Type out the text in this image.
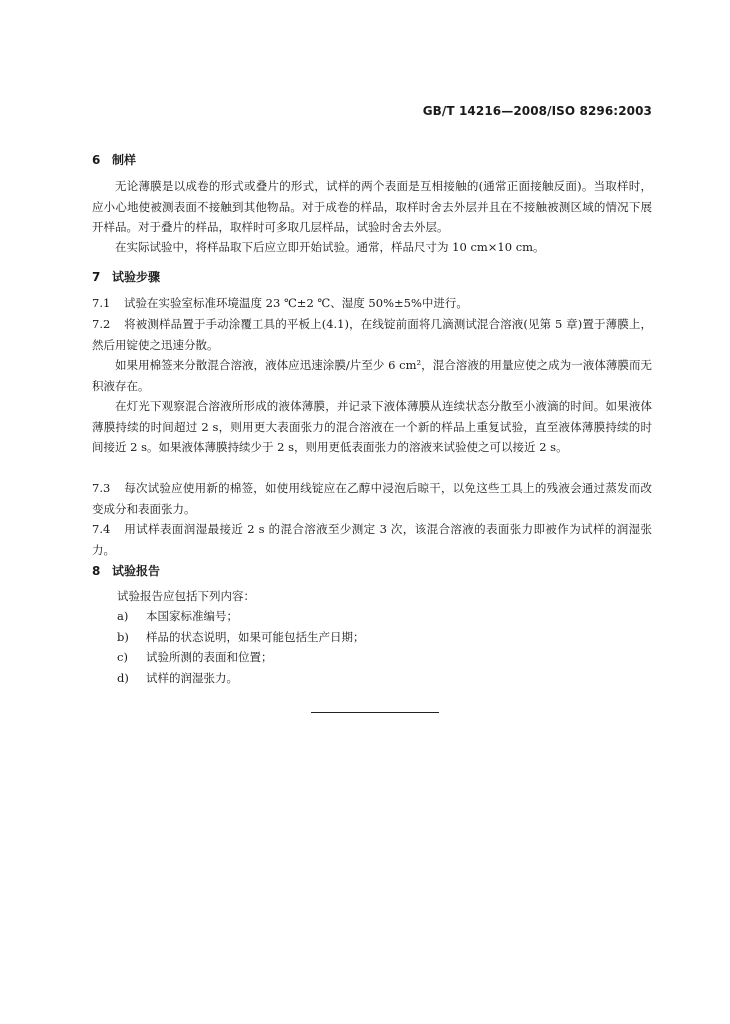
GB/T 14216—2008/ISO 8296:2003
6 制样
无论薄膜是以成卷的形式或叠片的形式，试样的两个表面是互相接触的(通常正面接触反面)。当取样时，应小心地使被测表面不接触到其他物品。对于成卷的样品，取样时舍去外层并且在不接触被测区域的情况下展开样品。对于叠片的样品，取样时可多取几层样品，试验时舍去外层。
在实际试验中，将样品取下后应立即开始试验。通常，样品尺寸为 10 cm×10 cm。
7 试验步骤
7.1 试验在实验室标准环境温度 23 ℃±2 ℃、湿度 50%±5%中进行。
7.2 将被测样品置于手动涂覆工具的平板上(4.1)，在线锭前面将几滴测试混合溶液(见第 5 章)置于薄膜上，然后用锭使之迅速分散。
如果用棉签来分散混合溶液，液体应迅速涂膜/片至少 6 cm²，混合溶液的用量应使之成为一液体薄膜而无积液存在。
在灯光下观察混合溶液所形成的液体薄膜，并记录下液体薄膜从连续状态分散至小液滴的时间。如果液体薄膜持续的时间超过 2 s，则用更大表面张力的混合溶液在一个新的样品上重复试验，直至液体薄膜持续的时间接近 2 s。如果液体薄膜持续少于 2 s，则用更低表面张力的溶液来试验使之可以接近 2 s。
7.3 每次试验应使用新的棉签，如使用线锭应在乙醇中浸泡后晾干，以免这些工具上的残液会通过蒸发而改变成分和表面张力。
7.4 用试样表面润湿最接近 2 s 的混合溶液至少测定 3 次，该混合溶液的表面张力即被作为试样的润湿张力。
8 试验报告
试验报告应包括下列内容：
a) 本国家标准编号；
b) 样品的状态说明，如果可能包括生产日期；
c) 试验所测的表面和位置；
d) 试样的润湿张力。
